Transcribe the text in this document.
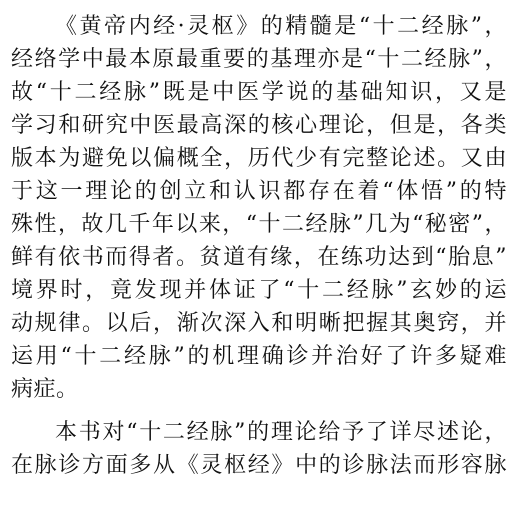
《黄帝内经·灵枢》的精髓是“十二经脉”，
经络学中最本原最重要的基理亦是“十二经脉”，
故“十二经脉”既是中医学说的基础知识，又是
学习和研究中医最高深的核心理论，但是，各类
版本为避免以偏概全，历代少有完整论述。又由
于这一理论的创立和认识都存在着“体悟”的特
殊性，故几千年以来，“十二经脉”几为“秘密”，
鲜有依书而得者。贫道有缘，在练功达到“胎息”
境界时，竟发现并体证了“十二经脉”玄妙的运
动规律。以后，渐次深入和明晰把握其奥窍，并
运用“十二经脉”的机理确诊并治好了许多疑难
病症。
本书对“十二经脉”的理论给予了详尽述论，
在脉诊方面多从《灵枢经》中的诊脉法而形容脉
